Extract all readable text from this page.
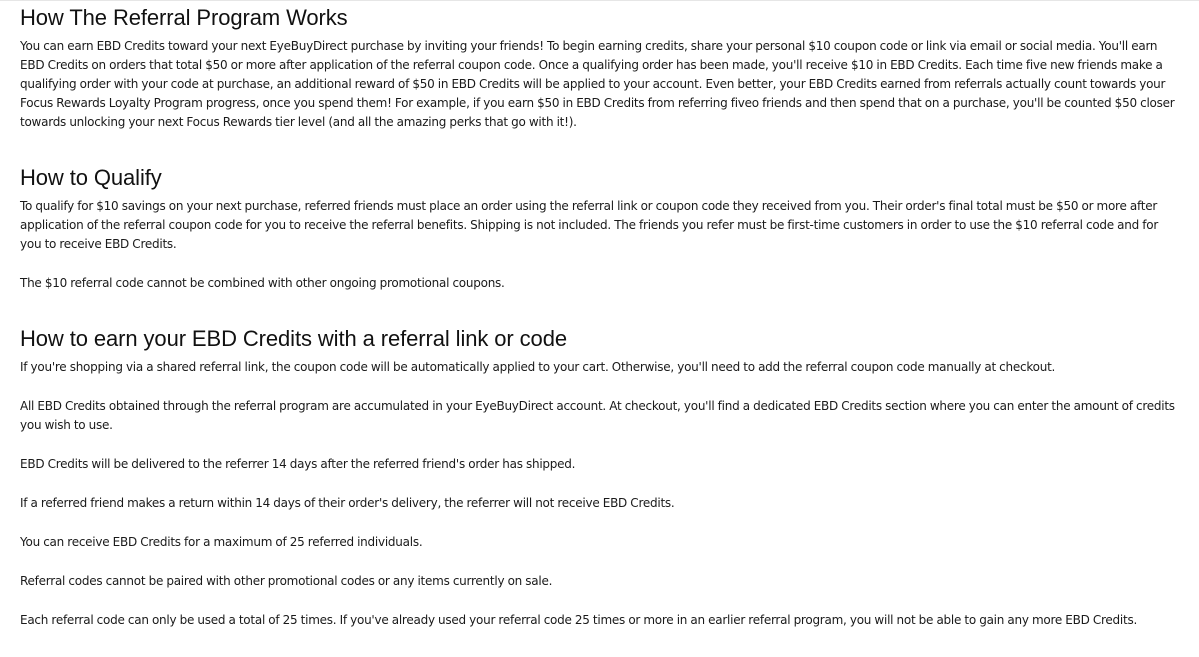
How The Referral Program Works

You can earn EBD Credits toward your next EyeBuyDirect purchase by inviting your friends! To begin earning credits, share your personal $10 coupon code or link via email or social media. You'll earn EBD Credits on orders that total $50 or more after application of the referral coupon code. Once a qualifying order has been made, you'll receive $10 in EBD Credits. Each time five new friends make a qualifying order with your code at purchase, an additional reward of $50 in EBD Credits will be applied to your account. Even better, your EBD Credits earned from referrals actually count towards your Focus Rewards Loyalty Program progress, once you spend them! For example, if you earn $50 in EBD Credits from referring fiveo friends and then spend that on a purchase, you'll be counted $50 closer towards unlocking your next Focus Rewards tier level (and all the amazing perks that go with it!).

How to Qualify

To qualify for $10 savings on your next purchase, referred friends must place an order using the referral link or coupon code they received from you. Their order's final total must be $50 or more after application of the referral coupon code for you to receive the referral benefits. Shipping is not included. The friends you refer must be first-time customers in order to use the $10 referral code and for you to receive EBD Credits.

The $10 referral code cannot be combined with other ongoing promotional coupons.

How to earn your EBD Credits with a referral link or code

If you're shopping via a shared referral link, the coupon code will be automatically applied to your cart. Otherwise, you'll need to add the referral coupon code manually at checkout.

All EBD Credits obtained through the referral program are accumulated in your EyeBuyDirect account. At checkout, you'll find a dedicated EBD Credits section where you can enter the amount of credits you wish to use.

EBD Credits will be delivered to the referrer 14 days after the referred friend's order has shipped.

If a referred friend makes a return within 14 days of their order's delivery, the referrer will not receive EBD Credits.

You can receive EBD Credits for a maximum of 25 referred individuals.

Referral codes cannot be paired with other promotional codes or any items currently on sale.

Each referral code can only be used a total of 25 times. If you've already used your referral code 25 times or more in an earlier referral program, you will not be able to gain any more EBD Credits.
